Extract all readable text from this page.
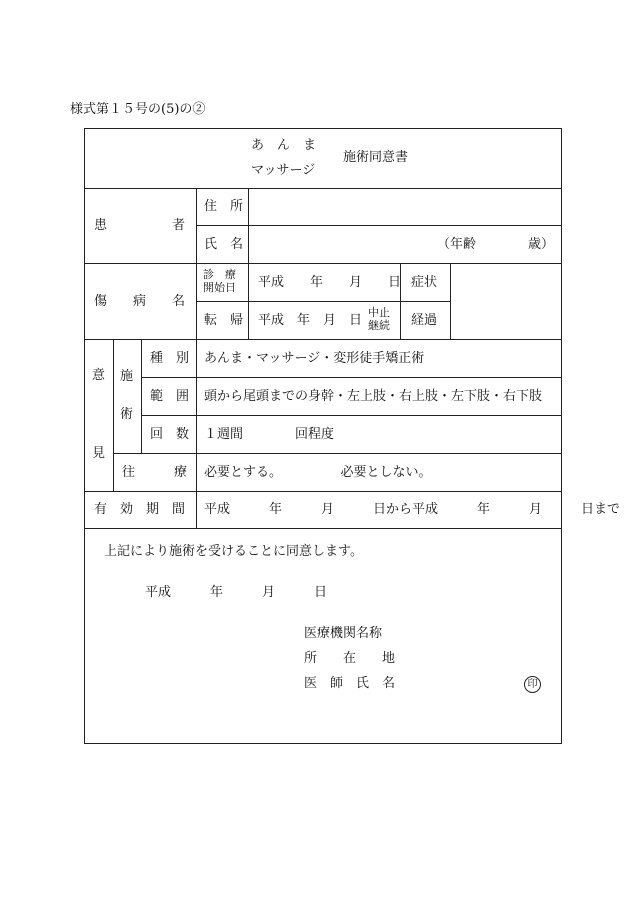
様式第１５号の(5)の②
あ　ん　ま
マッサージ
施術同意書
患　　　　　者
住　所
氏　名	（年齢　　　　歳）
傷　　病　　名
診　療
開始日 平成　　年　　月　　日 症状
転　帰 平成　年　月　日
中止
継続 経過
意
見
施
術
種　別 あんま・マッサージ・変形徒手矯正術
範　囲 頭から尾頭までの身幹・左上肢・右上肢・左下肢・右下肢
回　数 １週間　　　　回程度
往　　　療 必要とする。　　　　　必要としない。
有　効　期　間 平成　　　年　　　月　　　日から平成　　　年　　　月　　　日まで
上記により施術を受けることに同意します。
平成　　　年　　　月　　　日
医療機関名称
所　　在　　地
医　師　氏　名	印
